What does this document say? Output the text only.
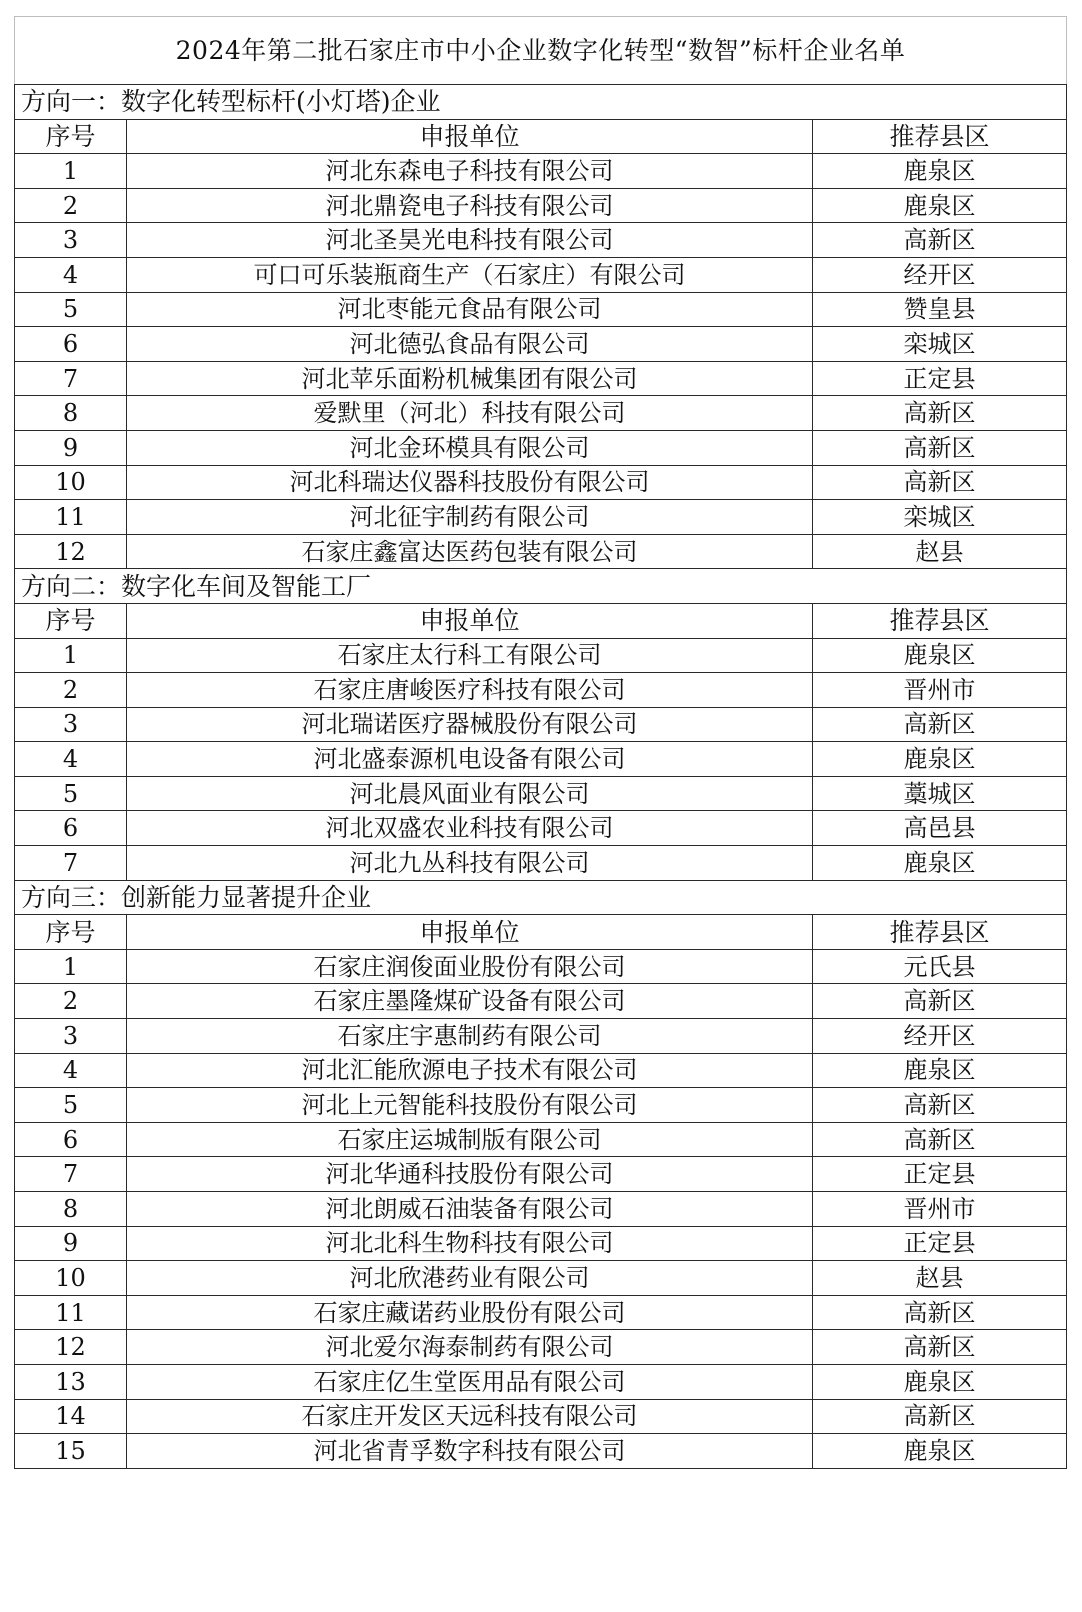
2024年第二批石家庄市中小企业数字化转型“数智”标杆企业名单		
方向一：数字化转型标杆(小灯塔)企业		
序号	申报单位	推荐县区
1	河北东森电子科技有限公司	鹿泉区
2	河北鼎瓷电子科技有限公司	鹿泉区
3	河北圣昊光电科技有限公司	高新区
4	可口可乐装瓶商生产（石家庄）有限公司	经开区
5	河北枣能元食品有限公司	赞皇县
6	河北德弘食品有限公司	栾城区
7	河北苹乐面粉机械集团有限公司	正定县
8	爱默里（河北）科技有限公司	高新区
9	河北金环模具有限公司	高新区
10	河北科瑞达仪器科技股份有限公司	高新区
11	河北征宇制药有限公司	栾城区
12	石家庄鑫富达医药包装有限公司	赵县
方向二：数字化车间及智能工厂		
序号	申报单位	推荐县区
1	石家庄太行科工有限公司	鹿泉区
2	石家庄唐峻医疗科技有限公司	晋州市
3	河北瑞诺医疗器械股份有限公司	高新区
4	河北盛泰源机电设备有限公司	鹿泉区
5	河北晨风面业有限公司	藁城区
6	河北双盛农业科技有限公司	高邑县
7	河北九丛科技有限公司	鹿泉区
方向三：创新能力显著提升企业		
序号	申报单位	推荐县区
1	石家庄润俊面业股份有限公司	元氏县
2	石家庄墨隆煤矿设备有限公司	高新区
3	石家庄宇惠制药有限公司	经开区
4	河北汇能欣源电子技术有限公司	鹿泉区
5	河北上元智能科技股份有限公司	高新区
6	石家庄运城制版有限公司	高新区
7	河北华通科技股份有限公司	正定县
8	河北朗威石油装备有限公司	晋州市
9	河北北科生物科技有限公司	正定县
10	河北欣港药业有限公司	赵县
11	石家庄藏诺药业股份有限公司	高新区
12	河北爱尔海泰制药有限公司	高新区
13	石家庄亿生堂医用品有限公司	鹿泉区
14	石家庄开发区天远科技有限公司	高新区
15	河北省青孚数字科技有限公司	鹿泉区
